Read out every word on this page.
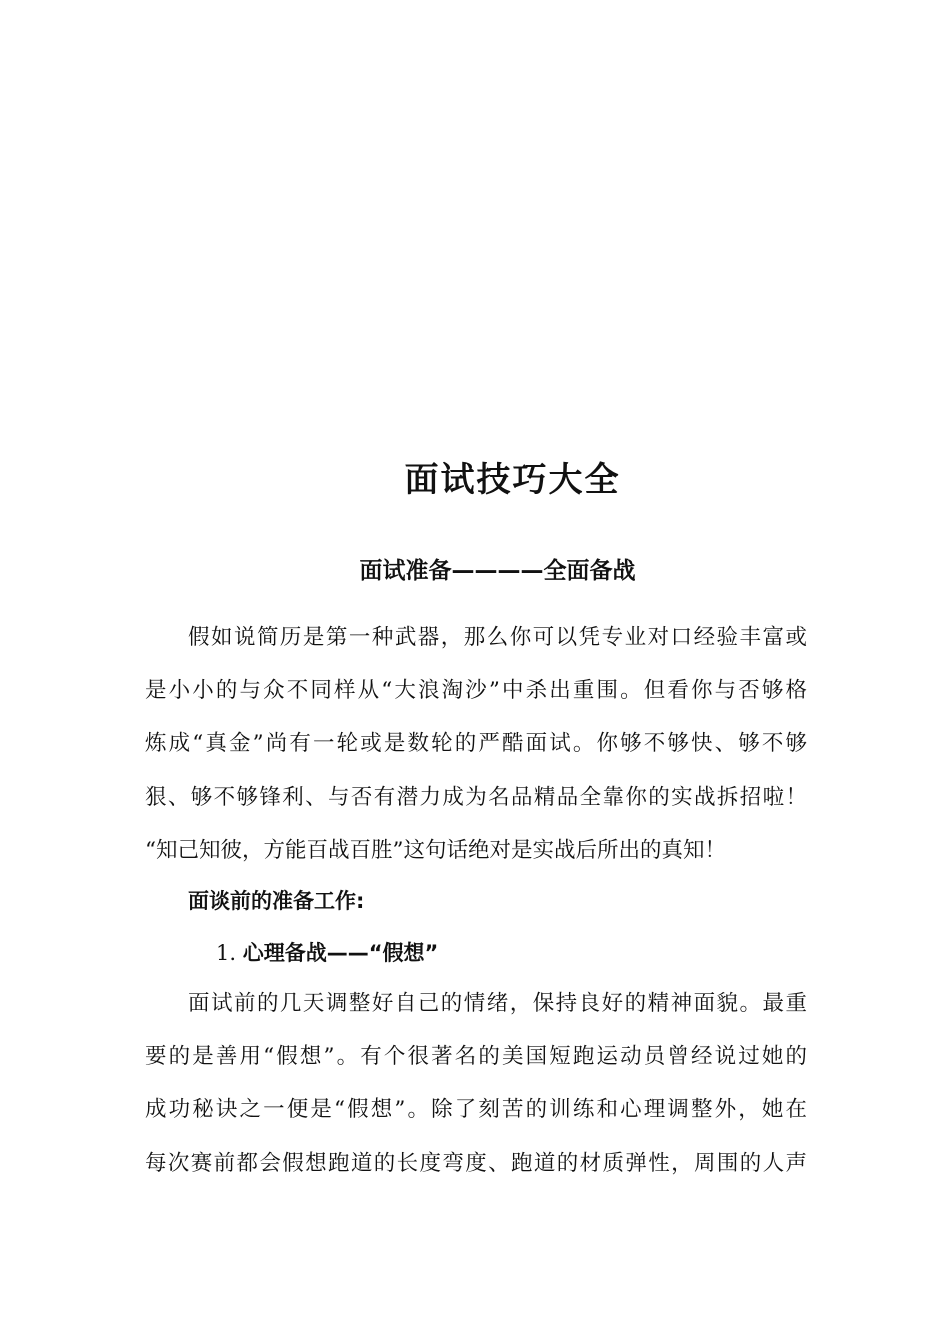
面试技巧大全
面试准备————全面备战
假如说简历是第一种武器，那么你可以凭专业对口经验丰富或
是小小的与众不同样从“大浪淘沙”中杀出重围。但看你与否够格
炼成“真金”尚有一轮或是数轮的严酷面试。你够不够快、够不够
狠、够不够锋利、与否有潜力成为名品精品全靠你的实战拆招啦！
“知己知彼，方能百战百胜”这句话绝对是实战后所出的真知！
面谈前的准备工作:
1. 心理备战——“假想”
面试前的几天调整好自己的情绪，保持良好的精神面貌。最重
要的是善用“假想”。有个很著名的美国短跑运动员曾经说过她的
成功秘诀之一便是“假想”。除了刻苦的训练和心理调整外，她在
每次赛前都会假想跑道的长度弯度、跑道的材质弹性，周围的人声
